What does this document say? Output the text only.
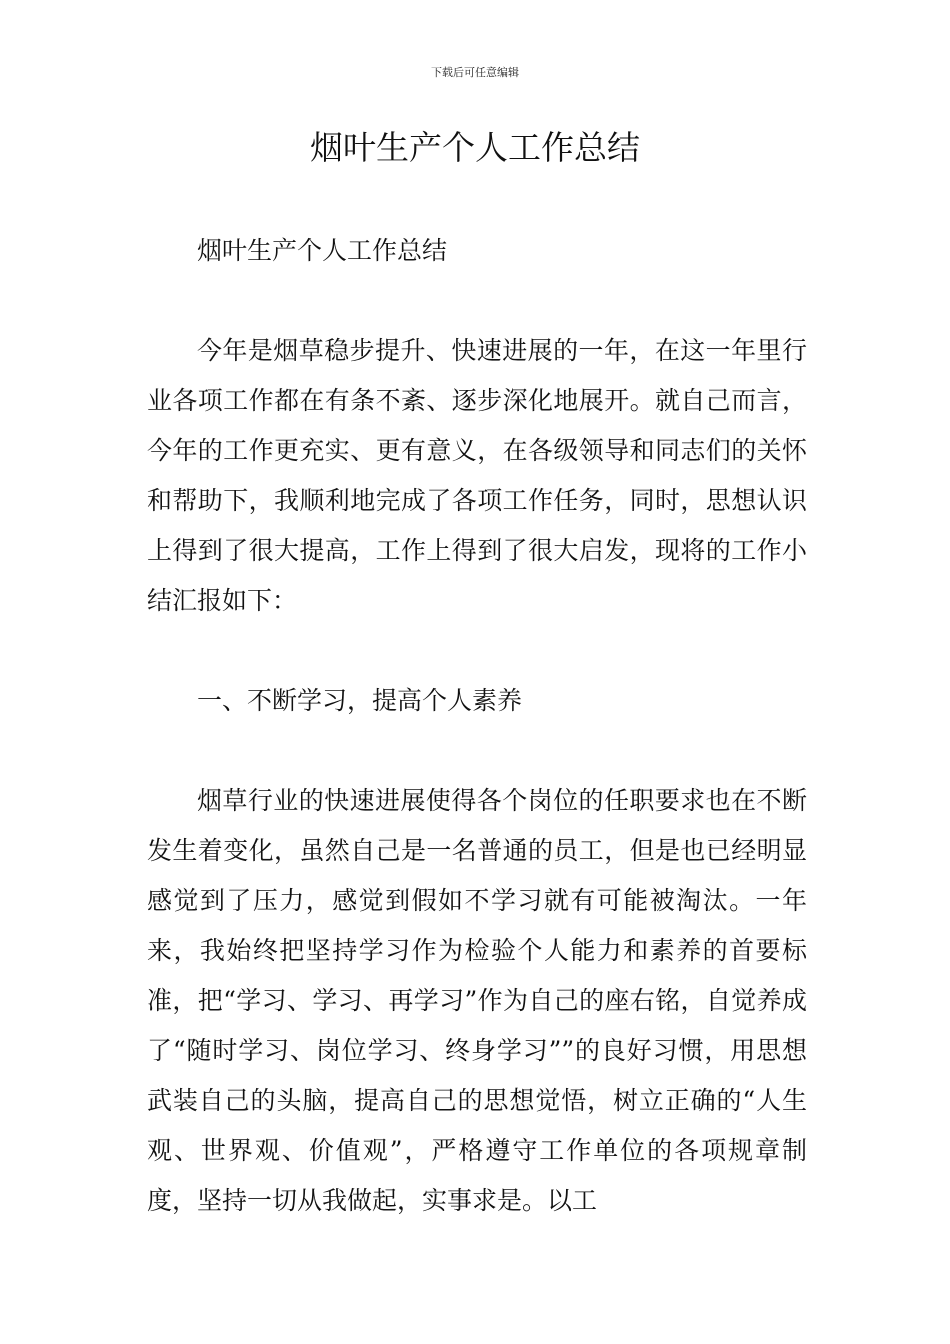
下载后可任意编辑
烟叶生产个人工作总结

烟叶生产个人工作总结

今年是烟草稳步提升、快速进展的一年，在这一年里行业各项工作都在有条不紊、逐步深化地展开。就自己而言，今年的工作更充实、更有意义，在各级领导和同志们的关怀和帮助下，我顺利地完成了各项工作任务，同时，思想认识上得到了很大提高，工作上得到了很大启发，现将的工作小结汇报如下：

一、不断学习，提高个人素养

烟草行业的快速进展使得各个岗位的任职要求也在不断发生着变化，虽然自己是一名普通的员工，但是也已经明显感觉到了压力，感觉到假如不学习就有可能被淘汰。一年来，我始终把坚持学习作为检验个人能力和素养的首要标准，把“学习、学习、再学习”作为自己的座右铭，自觉养成了“随时学习、岗位学习、终身学习””的良好习惯，用思想武装自己的头脑，提高自己的思想觉悟，树立正确的“人生观、世界观、价值观”，严格遵守工作单位的各项规章制度，坚持一切从我做起，实事求是。以工
